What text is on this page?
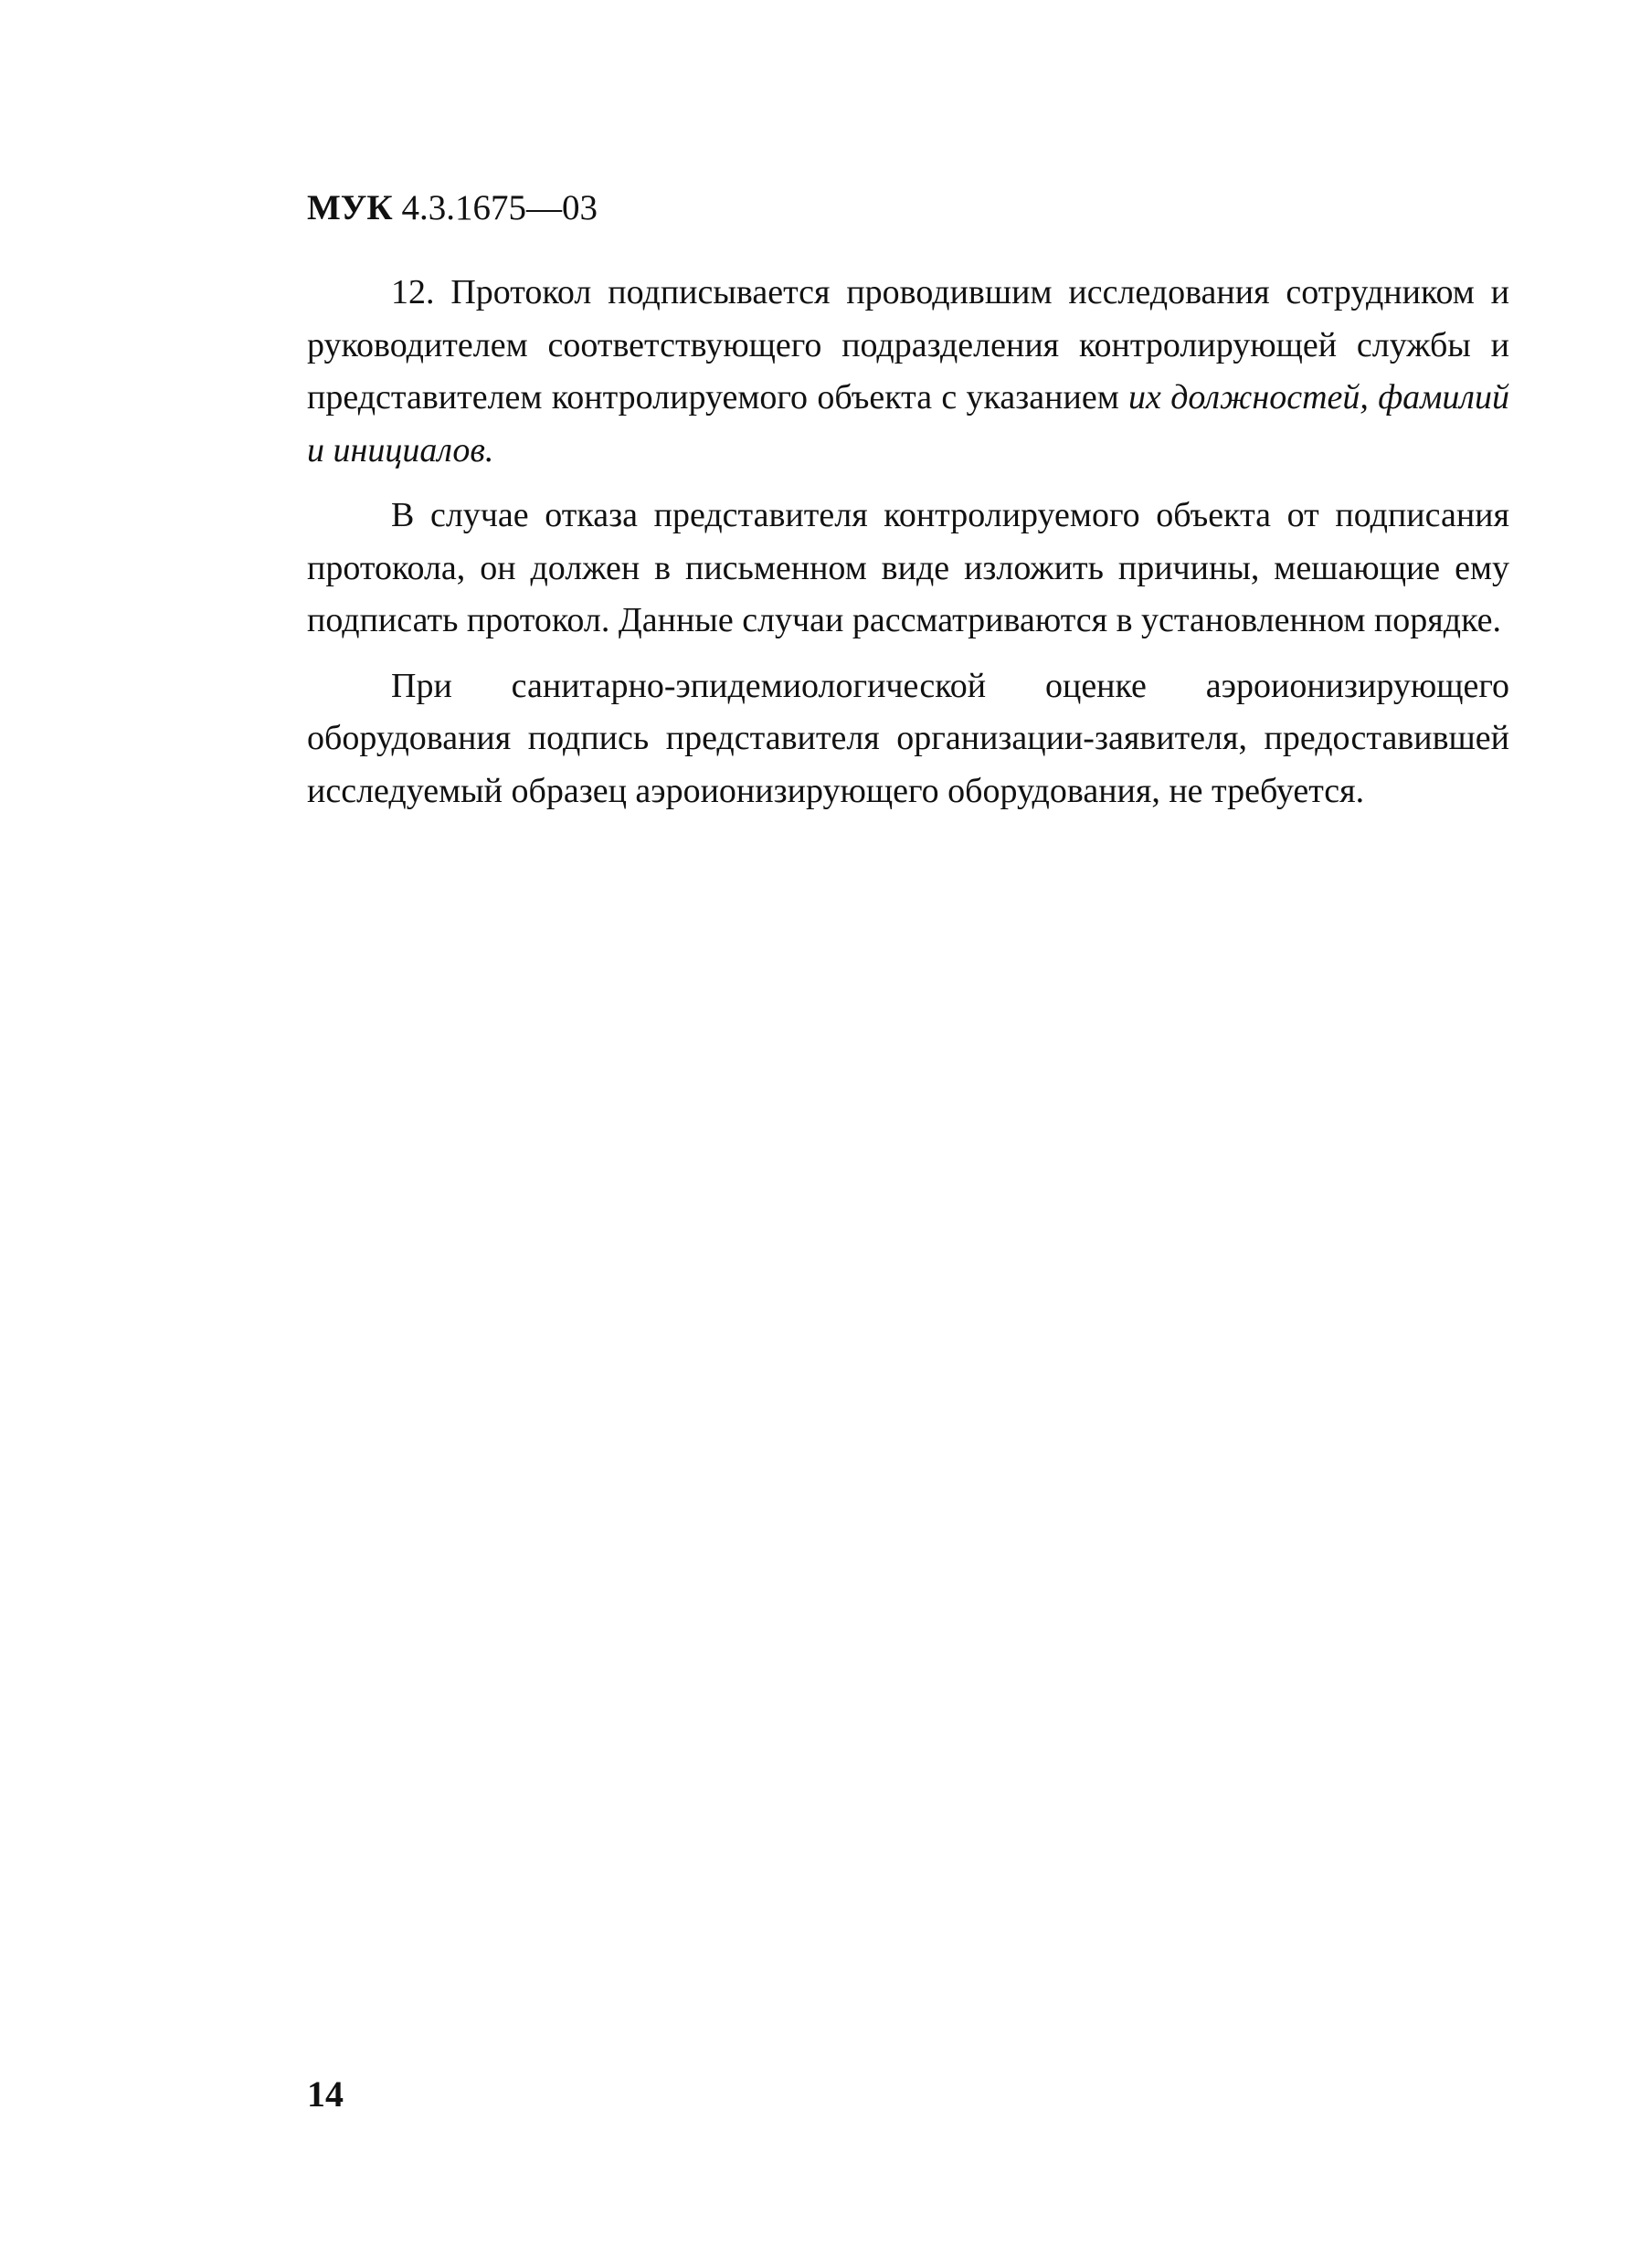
МУК 4.3.1675—03

12. Протокол подписывается проводившим исследования сотрудником и руководителем соответствующего подразделения контролирующей службы и представителем контролируемого объекта с указанием их должностей, фамилий и инициалов.

В случае отказа представителя контролируемого объекта от подписания протокола, он должен в письменном виде изложить причины, мешающие ему подписать протокол. Данные случаи рассматриваются в установленном порядке.

При санитарно-эпидемиологической оценке аэроионизирующего оборудования подпись представителя организации-заявителя, предоставившей исследуемый образец аэроионизирующего оборудования, не требуется.

14
